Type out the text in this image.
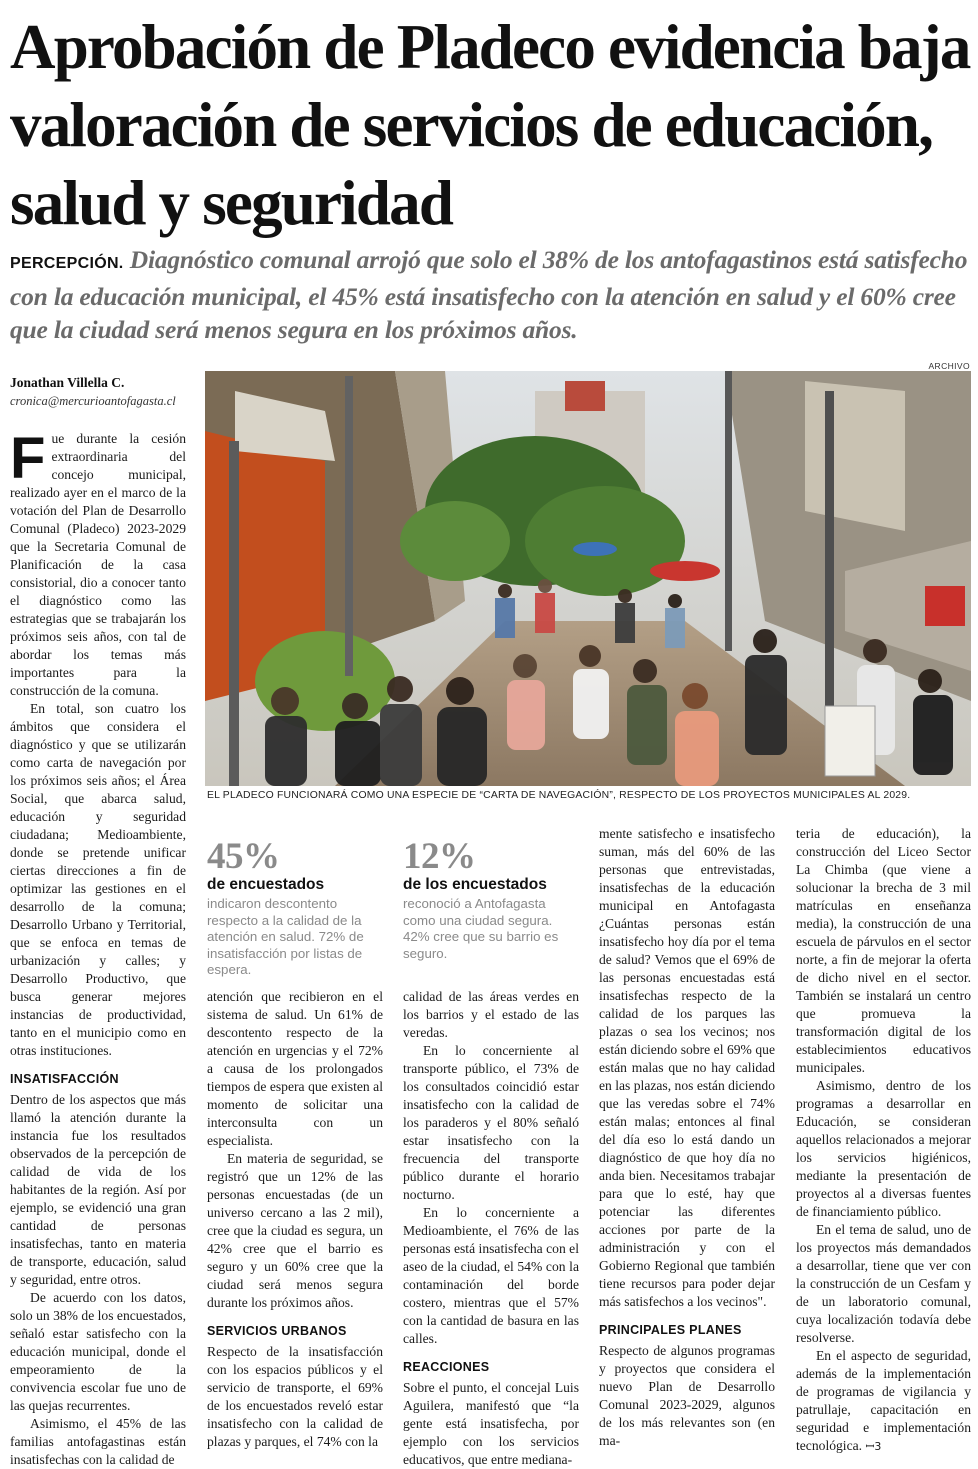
Aprobación de Pladeco evidencia baja valoración de servicios de educación, salud y seguridad

PERCEPCIÓN. Diagnóstico comunal arrojó que solo el 38% de los antofagastinos está satisfecho con la educación municipal, el 45% está insatisfecho con la atención en salud y el 60% cree que la ciudad será menos segura en los próximos años.

Jonathan Villella C.
cronica@mercurioantofagasta.cl
ARCHIVO
EL PLADECO FUNCIONARÁ COMO UNA ESPECIE DE “CARTA DE NAVEGACIÓN”, RESPECTO DE LOS PROYECTOS MUNICIPALES AL 2029.

Fue durante la cesión extraordinaria del concejo municipal, realizado ayer en el marco de la votación del Plan de Desarrollo Comunal (Pladeco) 2023-2029 que la Secretaria Comunal de Planificación de la casa consistorial, dio a conocer tanto el diagnóstico como las estrategias que se trabajarán los próximos seis años, con tal de abordar los temas más importantes para la construcción de la comuna.

En total, son cuatro los ámbitos que considera el diagnóstico y que se utilizarán como carta de navegación por los próximos seis años; el Área Social, que abarca salud, educación y seguridad ciudadana; Medioambiente, donde se pretende unificar ciertas direcciones a fin de optimizar las gestiones en el desarrollo de la comuna; Desarrollo Urbano y Territorial, que se enfoca en temas de urbanización y calles; y Desarrollo Productivo, que busca generar mejores instancias de productividad, tanto en el municipio como en otras instituciones.

INSATISFACCIÓN

Dentro de los aspectos que más llamó la atención durante la instancia fue los resultados observados de la percepción de calidad de vida de los habitantes de la región. Así por ejemplo, se evidenció una gran cantidad de personas insatisfechas, tanto en materia de transporte, educación, salud y seguridad, entre otros.

De acuerdo con los datos, solo un 38% de los encuestados, señaló estar satisfecho con la educación municipal, donde el empeoramiento de la convivencia escolar fue uno de las quejas recurrentes.

Asimismo, el 45% de las familias antofagastinas están insatisfechas con la calidad de

45%
de encuestados
indicaron descontento respecto a la calidad de la atención en salud. 72% de insatisfacción por listas de espera.
12%
de los encuestados
reconoció a Antofagasta como una ciudad segura. 42% cree que su barrio es seguro.

atención que recibieron en el sistema de salud. Un 61% de descontento respecto de la atención en urgencias y el 72% a causa de los prolongados tiempos de espera que existen al momento de solicitar una interconsulta con un especialista.

En materia de seguridad, se registró que un 12% de las personas encuestadas (de un universo cercano a las 2 mil), cree que la ciudad es segura, un 42% cree que el barrio es seguro y un 60% cree que la ciudad será menos segura durante los próximos años.

SERVICIOS URBANOS

Respecto de la insatisfacción con los espacios públicos y el servicio de transporte, el 69% de los encuestados reveló estar insatisfecho con la calidad de plazas y parques, el 74% con la

calidad de las áreas verdes en los barrios y el estado de las veredas.

En lo concerniente al transporte público, el 73% de los consultados coincidió estar insatisfecho con la calidad de los paraderos y el 80% señaló estar insatisfecho con la frecuencia del transporte público durante el horario nocturno.

En lo concerniente a Medioambiente, el 76% de las personas está insatisfecha con el aseo de la ciudad, el 54% con la contaminación del borde costero, mientras que el 57% con la cantidad de basura en las calles.

REACCIONES

Sobre el punto, el concejal Luis Aguilera, manifestó que “la gente está insatisfecha, por ejemplo con los servicios educativos, que entre mediana-

mente satisfecho e insatisfecho suman, más del 60% de las personas que entrevistadas, insatisfechas de la educación municipal en Antofagasta ¿Cuántas personas están insatisfecho hoy día por el tema de salud? Vemos que el 69% de las personas encuestadas está insatisfechas respecto de la calidad de los parques las plazas o sea los vecinos; nos están diciendo sobre el 69% que están malas que no hay calidad en las plazas, nos están diciendo que las veredas sobre el 74% están malas; entonces al final del día eso lo está dando un diagnóstico de que hoy día no anda bien. Necesitamos trabajar para que lo esté, hay que potenciar las diferentes acciones por parte de la administración y con el Gobierno Regional que también tiene recursos para poder dejar más satisfechos a los vecinos".

PRINCIPALES PLANES

Respecto de algunos programas y proyectos que considera el nuevo Plan de Desarrollo Comunal 2023-2029, algunos de los más relevantes son (en ma-

teria de educación), la construcción del Liceo Sector La Chimba (que viene a solucionar la brecha de 3 mil matrículas en enseñanza media), la construcción de una escuela de párvulos en el sector norte, a fin de mejorar la oferta de dicho nivel en el sector. También se instalará un centro que promueva la transformación digital de los establecimientos educativos municipales.

Asimismo, dentro de los programas a desarrollar en Educación, se consideran aquellos relacionados a mejorar los servicios higiénicos, mediante la presentación de proyectos al a diversas fuentes de financiamiento público.

En el tema de salud, uno de los proyectos más demandados a desarrollar, tiene que ver con la construcción de un Cesfam y de un laboratorio comunal, cuya localización todavía debe resolverse.

En el aspecto de seguridad, además de la implementación de programas de vigilancia y patrullaje, capacitación en seguridad e implementación tecnológica. ꟷ3
